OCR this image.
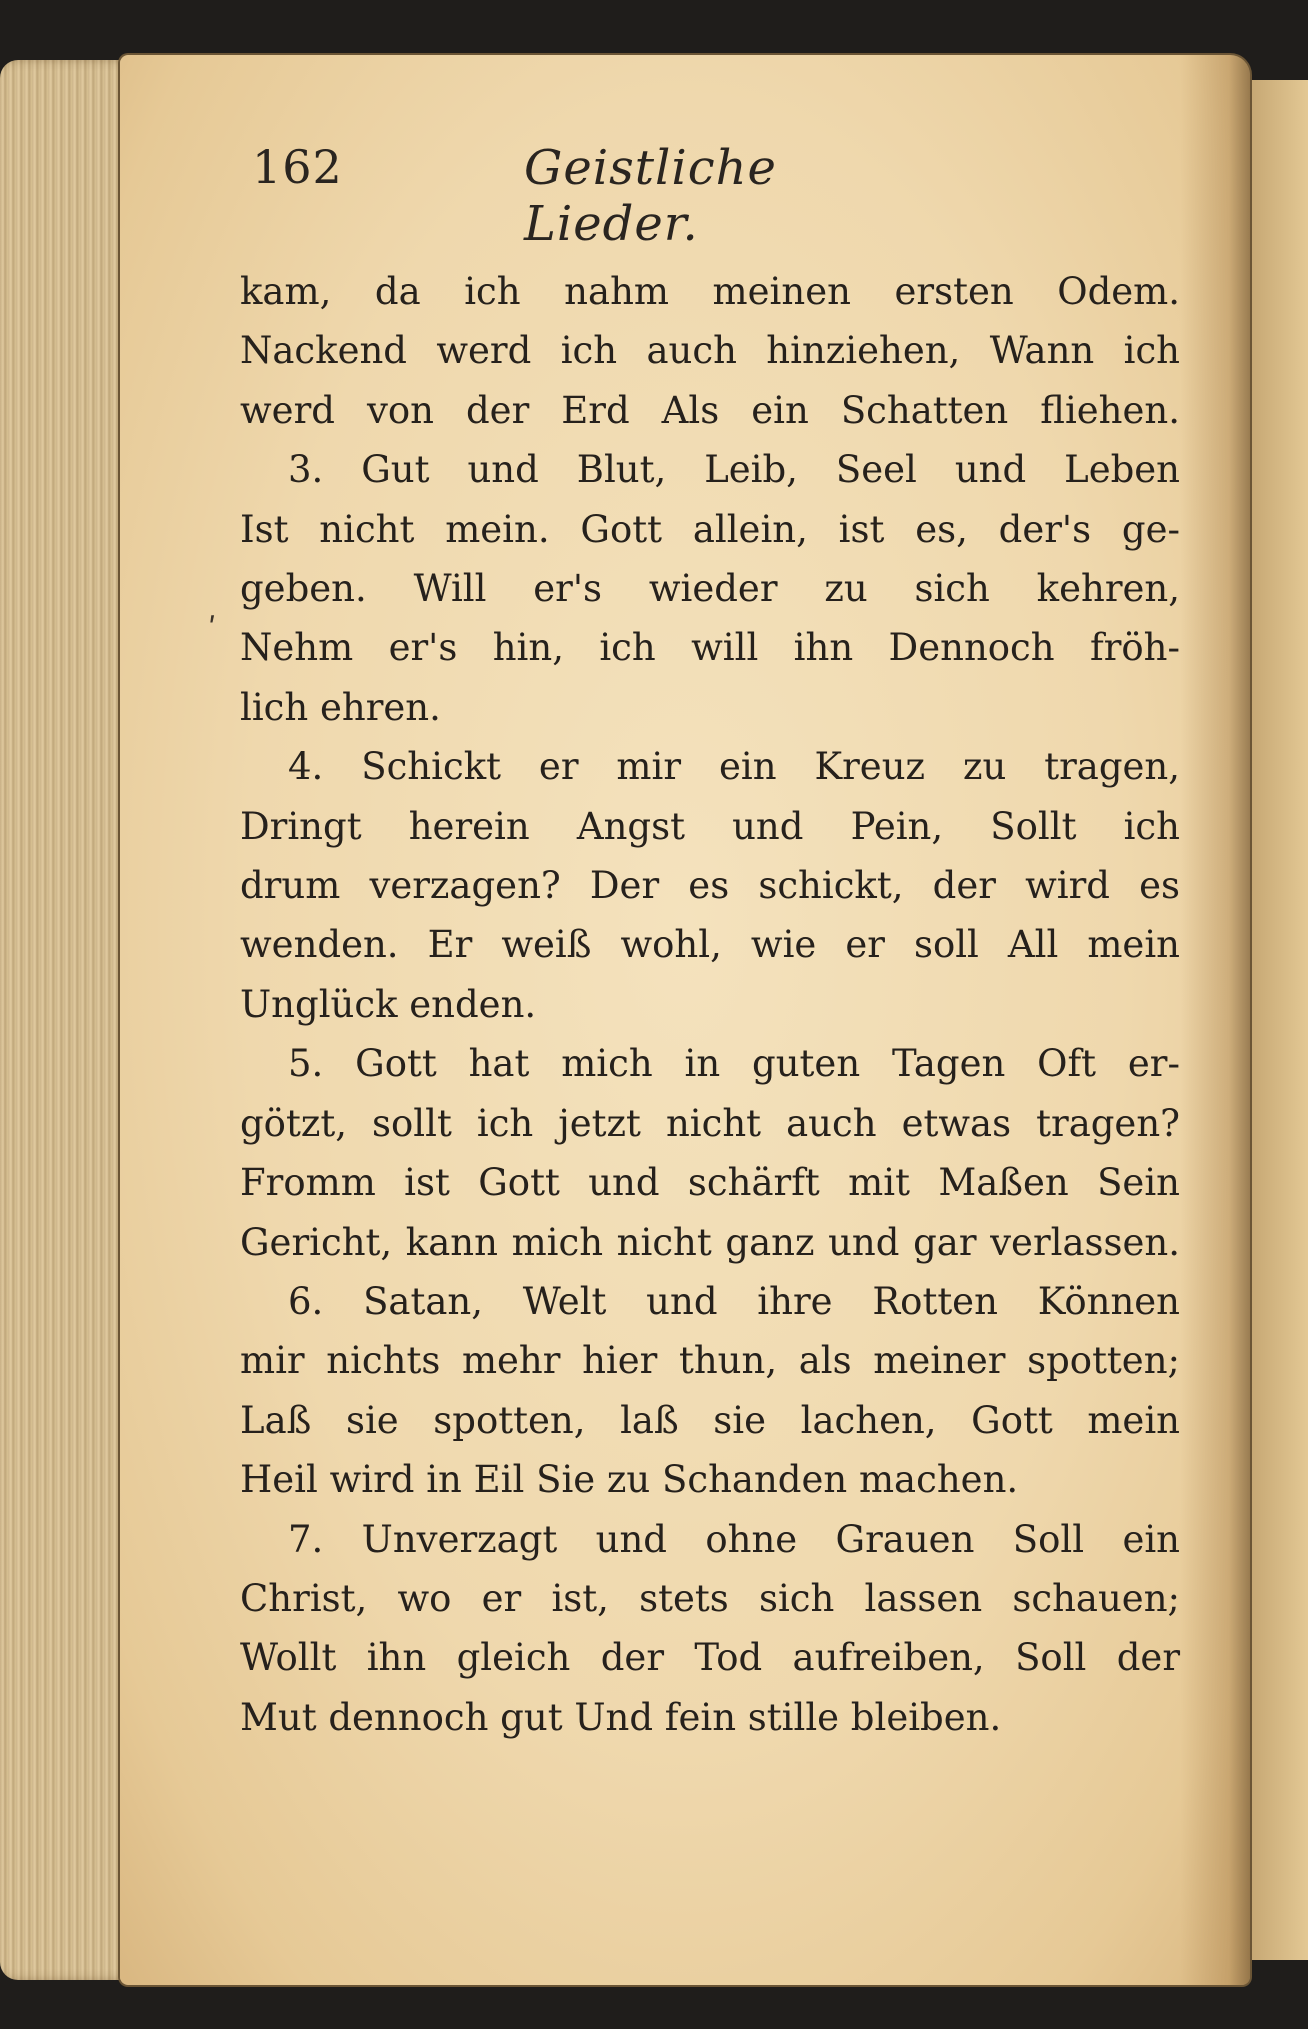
162	Geistliche Lieder.
ʹ
kam, da ich nahm meinen ersten Odem.
Nackend werd ich auch hinziehen, Wann ich
werd von der Erd Als ein Schatten fliehen.
3. Gut und Blut, Leib, Seel und Leben
Ist nicht mein. Gott allein, ist es, der's ge-
geben. Will er's wieder zu sich kehren,
Nehm er's hin, ich will ihn Dennoch fröh-
lich ehren.
4. Schickt er mir ein Kreuz zu tragen,
Dringt herein Angst und Pein, Sollt ich
drum verzagen? Der es schickt, der wird es
wenden. Er weiß wohl, wie er soll All mein
Unglück enden.
5. Gott hat mich in guten Tagen Oft er-
götzt, sollt ich jetzt nicht auch etwas tragen?
Fromm ist Gott und schärft mit Maßen Sein
Gericht, kann mich nicht ganz und gar verlassen.
6. Satan, Welt und ihre Rotten Können
mir nichts mehr hier thun, als meiner spotten;
Laß sie spotten, laß sie lachen, Gott mein
Heil wird in Eil Sie zu Schanden machen.
7. Unverzagt und ohne Grauen Soll ein
Christ, wo er ist, stets sich lassen schauen;
Wollt ihn gleich der Tod aufreiben, Soll der
Mut dennoch gut Und fein stille bleiben.
